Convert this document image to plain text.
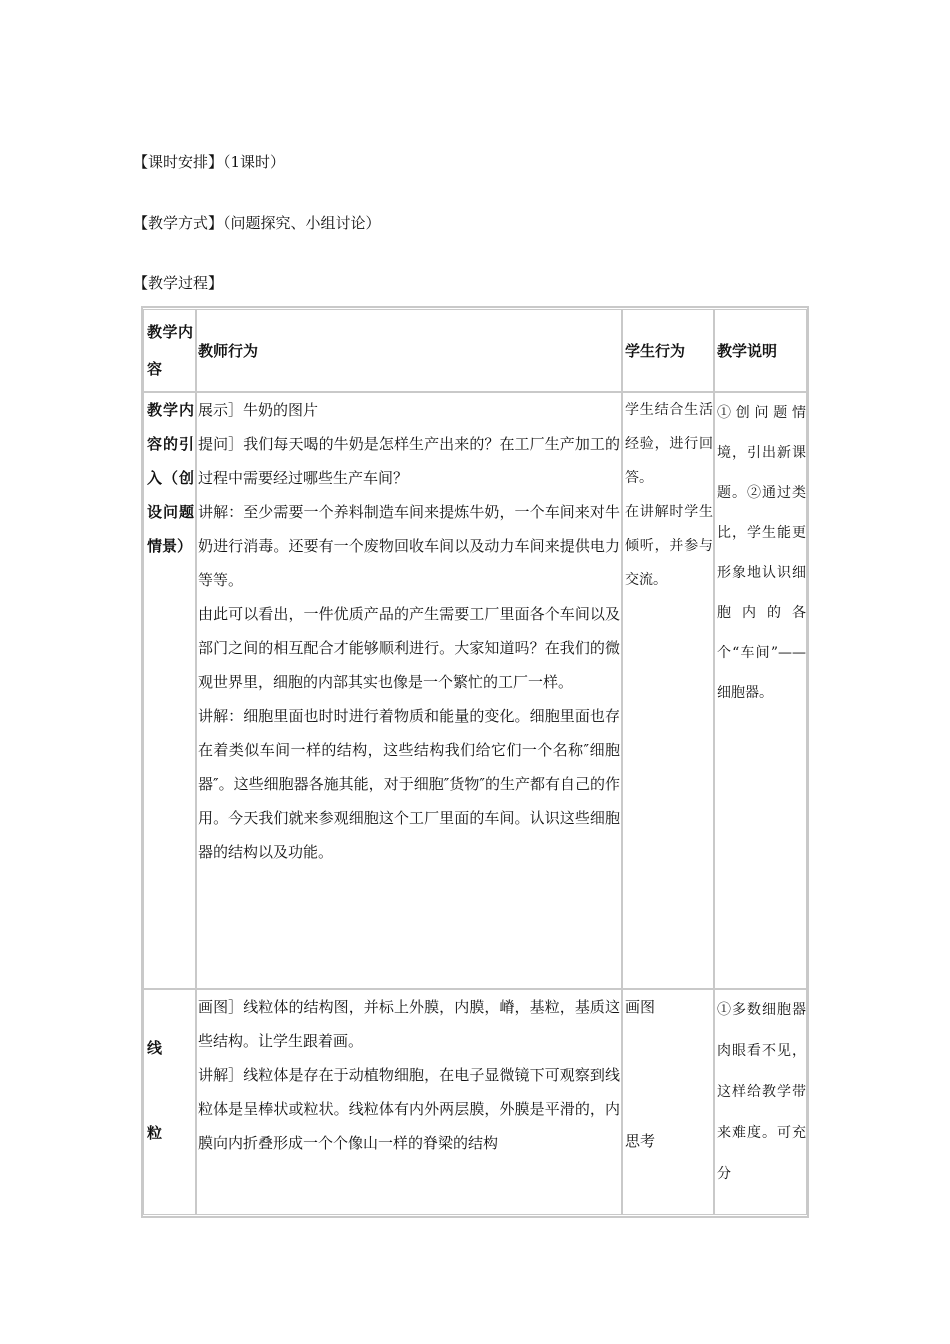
【课时安排】（1课时）
【教学方式】（问题探究、小组讨论）
【教学过程】
教学内容
教师行为	学生行为	教学说明
教学内容的引入（创设问题情景）
展示］牛奶的图片
提问］我们每天喝的牛奶是怎样生产出来的？在工厂生产加工的过程中需要经过哪些生产车间？
讲解：至少需要一个养料制造车间来提炼牛奶，一个车间来对牛奶进行消毒。还要有一个废物回收车间以及动力车间来提供电力等等。
由此可以看出，一件优质产品的产生需要工厂里面各个车间以及部门之间的相互配合才能够顺利进行。大家知道吗？在我们的微观世界里，细胞的内部其实也像是一个繁忙的工厂一样。
讲解：细胞里面也时时进行着物质和能量的变化。细胞里面也存在着类似车间一样的结构，这些结构我们给它们一个名称″细胞器″。这些细胞器各施其能，对于细胞″货物″的生产都有自己的作用。今天我们就来参观细胞这个工厂里面的车间。认识这些细胞器的结构以及功能。
学生结合生活经验，进行回答。
在讲解时学生倾听，并参与交流。
①创问题情境，引出新课题。②通过类比，学生能更形象地认识细胞内的各个“车间”——细胞器。
线
粒
画图］线粒体的结构图，并标上外膜，内膜，嵴，基粒，基质这些结构。让学生跟着画。
讲解］线粒体是存在于动植物细胞，在电子显微镜下可观察到线粒体是呈棒状或粒状。线粒体有内外两层膜，外膜是平滑的，内膜向内折叠形成一个个像山一样的脊梁的结构
画图
思考
①多数细胞器肉眼看不见，这样给教学带来难度。可充分
